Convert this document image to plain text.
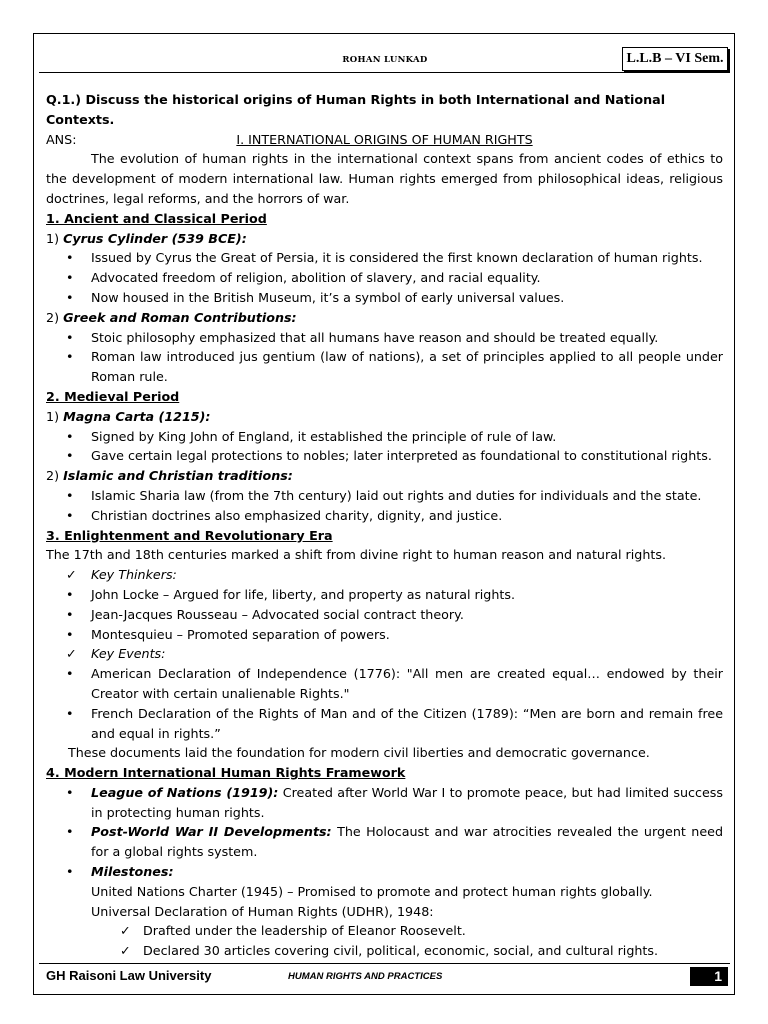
ROHAN LUNKAD	L.L.B – VI Sem.

Q.1.) Discuss the historical origins of Human Rights in both International and National Contexts.

ANS:	I. INTERNATIONAL ORIGINS OF HUMAN RIGHTS

The evolution of human rights in the international context spans from ancient codes of ethics to the development of modern international law. Human rights emerged from philosophical ideas, religious doctrines, legal reforms, and the horrors of war.

1. Ancient and Classical Period

1) Cyrus Cylinder (539 BCE):

• Issued by Cyrus the Great of Persia, it is considered the first known declaration of human rights.
• Advocated freedom of religion, abolition of slavery, and racial equality.
• Now housed in the British Museum, it’s a symbol of early universal values.

2) Greek and Roman Contributions:

• Stoic philosophy emphasized that all humans have reason and should be treated equally.
• Roman law introduced jus gentium (law of nations), a set of principles applied to all people under Roman rule.

2. Medieval Period

1) Magna Carta (1215):

• Signed by King John of England, it established the principle of rule of law.
• Gave certain legal protections to nobles; later interpreted as foundational to constitutional rights.

2) Islamic and Christian traditions:

• Islamic Sharia law (from the 7th century) laid out rights and duties for individuals and the state.
• Christian doctrines also emphasized charity, dignity, and justice.

3. Enlightenment and Revolutionary Era

The 17th and 18th centuries marked a shift from divine right to human reason and natural rights.

✓ Key Thinkers:
• John Locke – Argued for life, liberty, and property as natural rights.
• Jean-Jacques Rousseau – Advocated social contract theory.
• Montesquieu – Promoted separation of powers.
✓ Key Events:
• American Declaration of Independence (1776): "All men are created equal… endowed by their Creator with certain unalienable Rights."
• French Declaration of the Rights of Man and of the Citizen (1789): “Men are born and remain free and equal in rights.”

These documents laid the foundation for modern civil liberties and democratic governance.

4. Modern International Human Rights Framework

• League of Nations (1919): Created after World War I to promote peace, but had limited success in protecting human rights.
• Post-World War II Developments: The Holocaust and war atrocities revealed the urgent need for a global rights system.
• Milestones:

United Nations Charter (1945) – Promised to promote and protect human rights globally.

Universal Declaration of Human Rights (UDHR), 1948:

✓ Drafted under the leadership of Eleanor Roosevelt.
✓ Declared 30 articles covering civil, political, economic, social, and cultural rights.
GH Raisoni Law University	HUMAN RIGHTS AND PRACTICES	1
